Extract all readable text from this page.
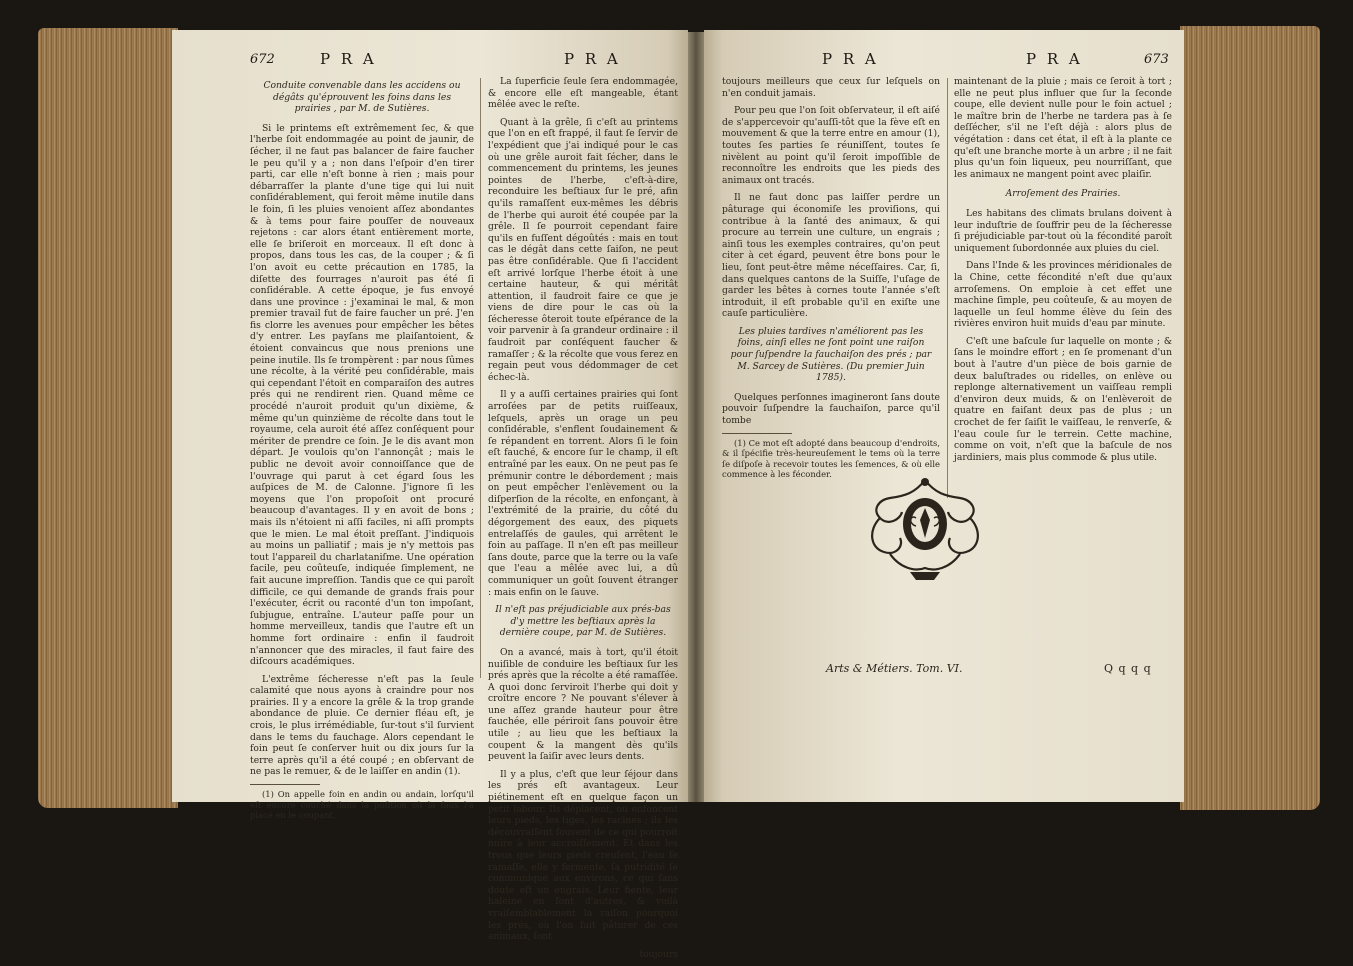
672	P R A	P R A

Conduite convenable dans les accidens ou dégâts qu'éprouvent les foins dans les prairies , par M. de Sutières.

Si le printems eſt extrêmement ſec, & que l'herbe ſoit endommagée au point de jaunir, de ſécher, il ne faut pas balancer de faire faucher le peu qu'il y a ; non dans l'eſpoir d'en tirer parti, car elle n'eſt bonne à rien ; mais pour débarraſſer la plante d'une tige qui lui nuit conſidérablement, qui feroit même inutile dans le foin, ſi les pluies venoient aſſez abondantes & à tems pour faire pouſſer de nouveaux rejetons : car alors étant entièrement morte, elle ſe briſeroit en morceaux. Il eſt donc à propos, dans tous les cas, de la couper ; & ſi l'on avoit eu cette précaution en 1785, la diſette des fourrages n'auroit pas été ſi conſidérable. A cette époque, je fus envoyé dans une province : j'examinai le mal, & mon premier travail fut de faire faucher un pré. J'en fis clorre les avenues pour empêcher les bêtes d'y entrer. Les payſans me plaiſantoient, & étoient convaincus que nous prenions une peine inutile. Ils ſe trompèrent : par nous ſûmes une récolte, à la vérité peu conſidérable, mais qui cependant l'étoit en comparaiſon des autres prés qui ne rendirent rien. Quand même ce procédé n'auroit produit qu'un dixième, & même qu'un quinzième de récolte dans tout le royaume, cela auroit été aſſez conſéquent pour mériter de prendre ce ſoin. Je le dis avant mon départ. Je voulois qu'on l'annonçât ; mais le public ne devoit avoir connoiſſance que de l'ouvrage qui parut à cet égard ſous les auſpices de M. de Calonne. J'ignore ſi les moyens que l'on propoſoit ont procuré beaucoup d'avantages. Il y en avoit de bons ; mais ils n'étoient ni aſſi faciles, ni aſſi prompts que le mien. Le mal étoit preſſant. J'indiquois au moins un palliatif ; mais je n'y mettois pas tout l'appareil du charlataniſme. Une opération facile, peu coûteuſe, indiquée ſimplement, ne fait aucune impreſſion. Tandis que ce qui paroît difficile, ce qui demande de grands frais pour l'exécuter, écrit ou raconté d'un ton impoſant, ſubjugue, entraîne. L'auteur paſſe pour un homme merveilleux, tandis que l'autre eſt un homme fort ordinaire : enfin il faudroit n'annoncer que des miracles, il faut faire des diſcours académiques.

L'extrême ſécheresse n'eſt pas la ſeule calamité que nous ayons à craindre pour nos prairies. Il y a encore la grêle & la trop grande abondance de pluie. Ce dernier fléau eſt, je crois, le plus irrémédiable, ſur-tout s'il ſurvient dans le tems du fauchage. Alors cependant le foin peut ſe conſerver huit ou dix jours ſur la terre après qu'il a été coupé ; en obſervant de ne pas le remuer, & de le laiſſer en andin (1).

(1) On appelle foin en andin ou andain, lorſqu'il eſt encore couché dans la poſition où la faux l'a placé en le coupant.

La ſuperficie ſeule ſera endommagée, & encore elle eſt mangeable, étant mêlée avec le reſte.

Quant à la grêle, ſi c'eſt au printems que l'on en eſt frappé, il faut ſe ſervir de l'expédient que j'ai indiqué pour le cas où une grêle auroit fait ſécher, dans le commencement du printems, les jeunes pointes de l'herbe, c'eſt-à-dire, reconduire les beſtiaux ſur le pré, afin qu'ils ramaſſent eux-mêmes les débris de l'herbe qui auroit été coupée par la grêle. Il ſe pourroit cependant faire qu'ils en fuſſent dégoûtés : mais en tout cas le dégât dans cette ſaiſon, ne peut pas être conſidérable. Que ſi l'accident eſt arrivé lorſque l'herbe étoit à une certaine hauteur, & qui méritât attention, il faudroit faire ce que je viens de dire pour le cas où la ſécheresse ôteroit toute eſpérance de la voir parvenir à ſa grandeur ordinaire : il faudroit par conſéquent faucher & ramaſſer ; & la récolte que vous ferez en regain peut vous dédommager de cet échec-là.

Il y a auſſi certaines prairies qui ſont arroſées par de petits ruiſſeaux, leſquels, après un orage un peu conſidérable, s'enflent ſoudainement & ſe répandent en torrent. Alors ſi le foin eſt fauché, & encore ſur le champ, il eſt entraîné par les eaux. On ne peut pas ſe prémunir contre le débordement ; mais on peut empêcher l'enlèvement ou la diſperſion de la récolte, en enfonçant, à l'extrémité de la prairie, du côté du dégorgement des eaux, des piquets entrelaſſés de gaules, qui arrêtent le foin au paſſage. Il n'en eſt pas meilleur ſans doute, parce que la terre ou la vaſe que l'eau a mêlée avec lui, a dû communiquer un goût ſouvent étranger : mais enfin on le ſauve.

Il n'eſt pas préjudiciable aux prés-bas d'y mettre les beſtiaux après la dernière coupe, par M. de Sutières.

On a avancé, mais à tort, qu'il étoit nuiſible de conduire les beſtiaux ſur les prés après que la récolte a été ramaſſée. A quoi donc ſerviroit l'herbe qui doit y croître encore ? Ne pouvant s'élever à une aſſez grande hauteur pour être fauchée, elle périroit ſans pouvoir être utile ; au lieu que les beſtiaux la coupent & la mangent dès qu'ils peuvent la ſaiſir avec leurs dents.

Il y a plus, c'eſt que leur ſéjour dans les prés eſt avantageux. Leur piétinement eſt en quelque façon un petit labour. Ils déplacent, ou enfoncent leurs pieds, les tiges, les racines ; ils les découvraſſent ſouvent de ce qui pourroit nuire à leur accroiſſement. Et dans les trous que leurs pieds creuſent, l'eau ſe ramaſſe, elle y fermente, ſa putridité ſe communique aux environs, ce qui ſans doute eſt un engrais. Leur fiente, leur haleine en ſont d'autres, & voilà vraiſemblablement la raiſon pourquoi les prés, où l'on fait pâturer de ces animaux, ſont

toujours

P R A	P R A	673

toujours meilleurs que ceux ſur leſquels on n'en conduit jamais.

Pour peu que l'on ſoit obſervateur, il eſt aiſé de s'appercevoir qu'auſſi-tôt que la fève eſt en mouvement & que la terre entre en amour (1), toutes ſes parties ſe réuniſſent, toutes ſe nivèlent au point qu'il ſeroit impoſſible de reconnoître les endroits que les pieds des animaux ont tracés.

Il ne faut donc pas laiſſer perdre un pâturage qui économiſe les proviſions, qui contribue à la ſanté des animaux, & qui procure au terrein une culture, un engrais ; ainſi tous les exemples contraires, qu'on peut citer à cet égard, peuvent être bons pour le lieu, ſont peut-être même néceſſaires. Car, ſi, dans quelques cantons de la Suiſſe, l'uſage de garder les bêtes à cornes toute l'année s'eſt introduit, il eſt probable qu'il en exiſte une cauſe particulière.

Les pluies tardives n'améliorent pas les foins, ainſi elles ne ſont point une raiſon pour ſuſpendre la fauchaiſon des prés ; par M. Sarcey de Sutières. (Du premier Juin 1785).

Quelques perſonnes imagineront ſans doute pouvoir ſuſpendre la fauchaiſon, parce qu'il tombe

(1) Ce mot eſt adopté dans beaucoup d'endroits, & il ſpécifie très-heureuſement le tems où la terre ſe diſpoſe à recevoir toutes les ſemences, & où elle commence à les féconder.

maintenant de la pluie ; mais ce ſeroit à tort ; elle ne peut plus influer que ſur la ſeconde coupe, elle devient nulle pour le foin actuel ; le maître brin de l'herbe ne tardera pas à ſe deſſécher, s'il ne l'eſt déjà : alors plus de végétation : dans cet état, il eſt à la plante ce qu'eſt une branche morte à un arbre ; il ne fait plus qu'un foin liqueux, peu nourriſſant, que les animaux ne mangent point avec plaiſir.

Arroſement des Prairies.

Les habitans des climats brulans doivent à leur induſtrie de ſouffrir peu de la ſécheresse ſi préjudiciable par-tout où la fécondité paroît uniquement ſubordonnée aux pluies du ciel.

Dans l'Inde & les provinces méridionales de la Chine, cette fécondité n'eſt due qu'aux arroſemens. On emploie à cet effet une machine ſimple, peu coûteuſe, & au moyen de laquelle un ſeul homme élève du ſein des rivières environ huit muids d'eau par minute.

C'eſt une baſcule ſur laquelle on monte ; & ſans le moindre effort ; en ſe promenant d'un bout à l'autre d'un pièce de bois garnie de deux baluſtrades ou ridelles, on enlève ou replonge alternativement un vaiſſeau rempli d'environ deux muids, & on l'enlèveroit de quatre en faiſant deux pas de plus ; un crochet de fer ſaiſit le vaiſſeau, le renverſe, & l'eau coule ſur le terrein. Cette machine, comme on voit, n'eſt que la baſcule de nos jardiniers, mais plus commode & plus utile.

Arts & Métiers. Tom. VI.	Q q q q
